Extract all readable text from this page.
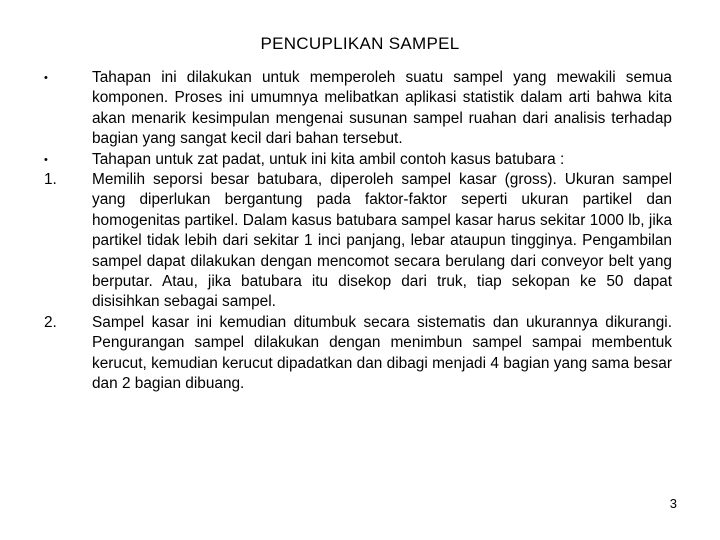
PENCUPLIKAN SAMPEL
•	Tahapan ini dilakukan untuk memperoleh suatu sampel yang mewakili semua komponen. Proses ini umumnya melibatkan aplikasi statistik dalam arti bahwa kita akan menarik kesimpulan mengenai susunan sampel ruahan dari analisis terhadap bagian yang sangat kecil dari bahan tersebut.
•	Tahapan untuk zat padat, untuk ini kita ambil contoh kasus batubara :
1.	Memilih seporsi besar batubara, diperoleh sampel kasar (gross). Ukuran sampel yang diperlukan bergantung pada faktor-faktor seperti ukuran partikel dan homogenitas partikel. Dalam kasus batubara sampel kasar harus sekitar 1000 lb, jika partikel tidak lebih dari sekitar 1 inci panjang, lebar ataupun tingginya. Pengambilan sampel dapat dilakukan dengan mencomot secara berulang dari conveyor belt yang berputar. Atau, jika batubara itu disekop dari truk, tiap sekopan ke 50 dapat disisihkan sebagai sampel.
2.	Sampel kasar ini kemudian ditumbuk secara sistematis dan ukurannya dikurangi. Pengurangan sampel dilakukan dengan menimbun sampel sampai membentuk kerucut, kemudian kerucut dipadatkan dan dibagi menjadi 4 bagian yang sama besar dan 2 bagian dibuang.
3
